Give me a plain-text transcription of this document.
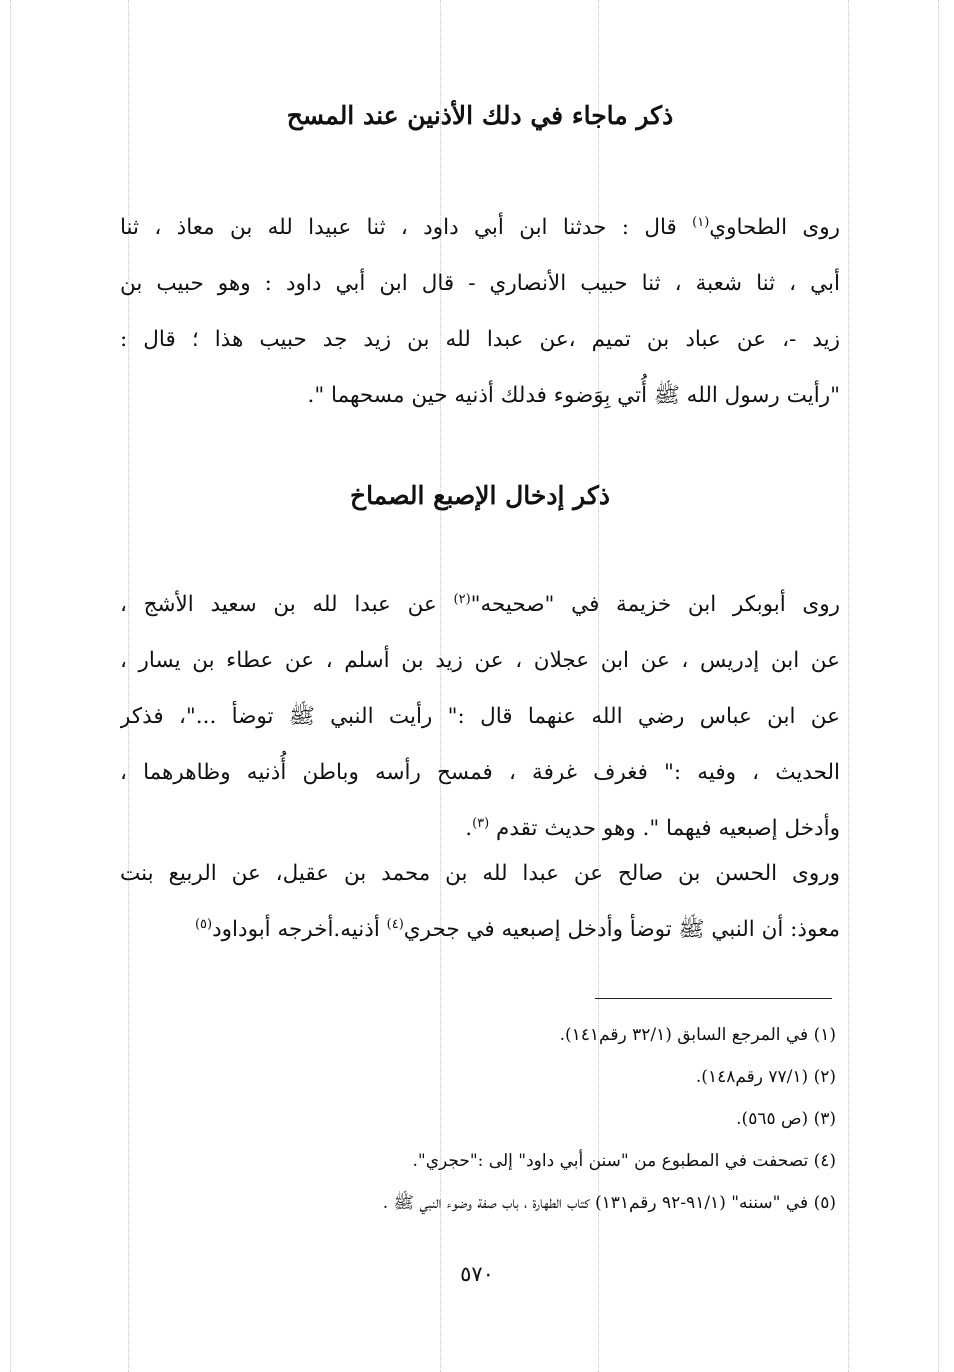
ذكر ماجاء في دلك الأذنين عند المسح
روى الطحاوي$^{(١)}$ قال : حدثنا ابن أبي داود ، ثنا عبيدا لله بن معاذ ، ثنا
أبي ، ثنا شعبة ، ثنا حبيب الأنصاري - قال ابن أبي داود : وهو حبيب بن
زيد -، عن عباد بن تميم ،عن عبدا لله بن زيد جد حبيب هذا ؛ قال :
"رأيت رسول الله ﷺ أُتي بِوَضوء فدلك أذنيه حين مسحهما ".
ذكر إدخال الإصبع الصماخ
روى أبوبكر ابن خزيمة في "صحيحه"$^{(٢)}$ عن عبدا لله بن سعيد الأشج ،
عن ابن إدريس ، عن ابن عجلان ، عن زيد بن أسلم ، عن عطاء بن يسار ،
عن ابن عباس رضي الله عنهما قال :" رأيت النبي ﷺ توضأ ..."، فذكر
الحديث ، وفيه :" فغرف غرفة ، فمسح رأسه وباطن أُذنيه وظاهرهما ،
وأدخل إصبعيه فيهما ". وهو حديث تقدم $^{(٣)}$.
وروى الحسن بن صالح عن عبدا لله بن محمد بن عقيل، عن الربيع بنت
معوذ: أن النبي ﷺ توضأ وأدخل إصبعيه في جحري$^{(٤)}$ أذنيه.أخرجه أبوداود$^{(٥)}$
(١) في المرجع السابق (٣٢/١ رقم١٤١).
(٢) (٧٧/١ رقم١٤٨).
(٣) (ص ٥٦٥).
(٤) تصحفت في المطبوع من "سنن أبي داود" إلى :"حجري".
(٥) في "سننه" (٩١/١-٩٢ رقم١٣١) كتاب الطهارة ، باب صفة وضوء النبي ﷺ .
٥٧٠
